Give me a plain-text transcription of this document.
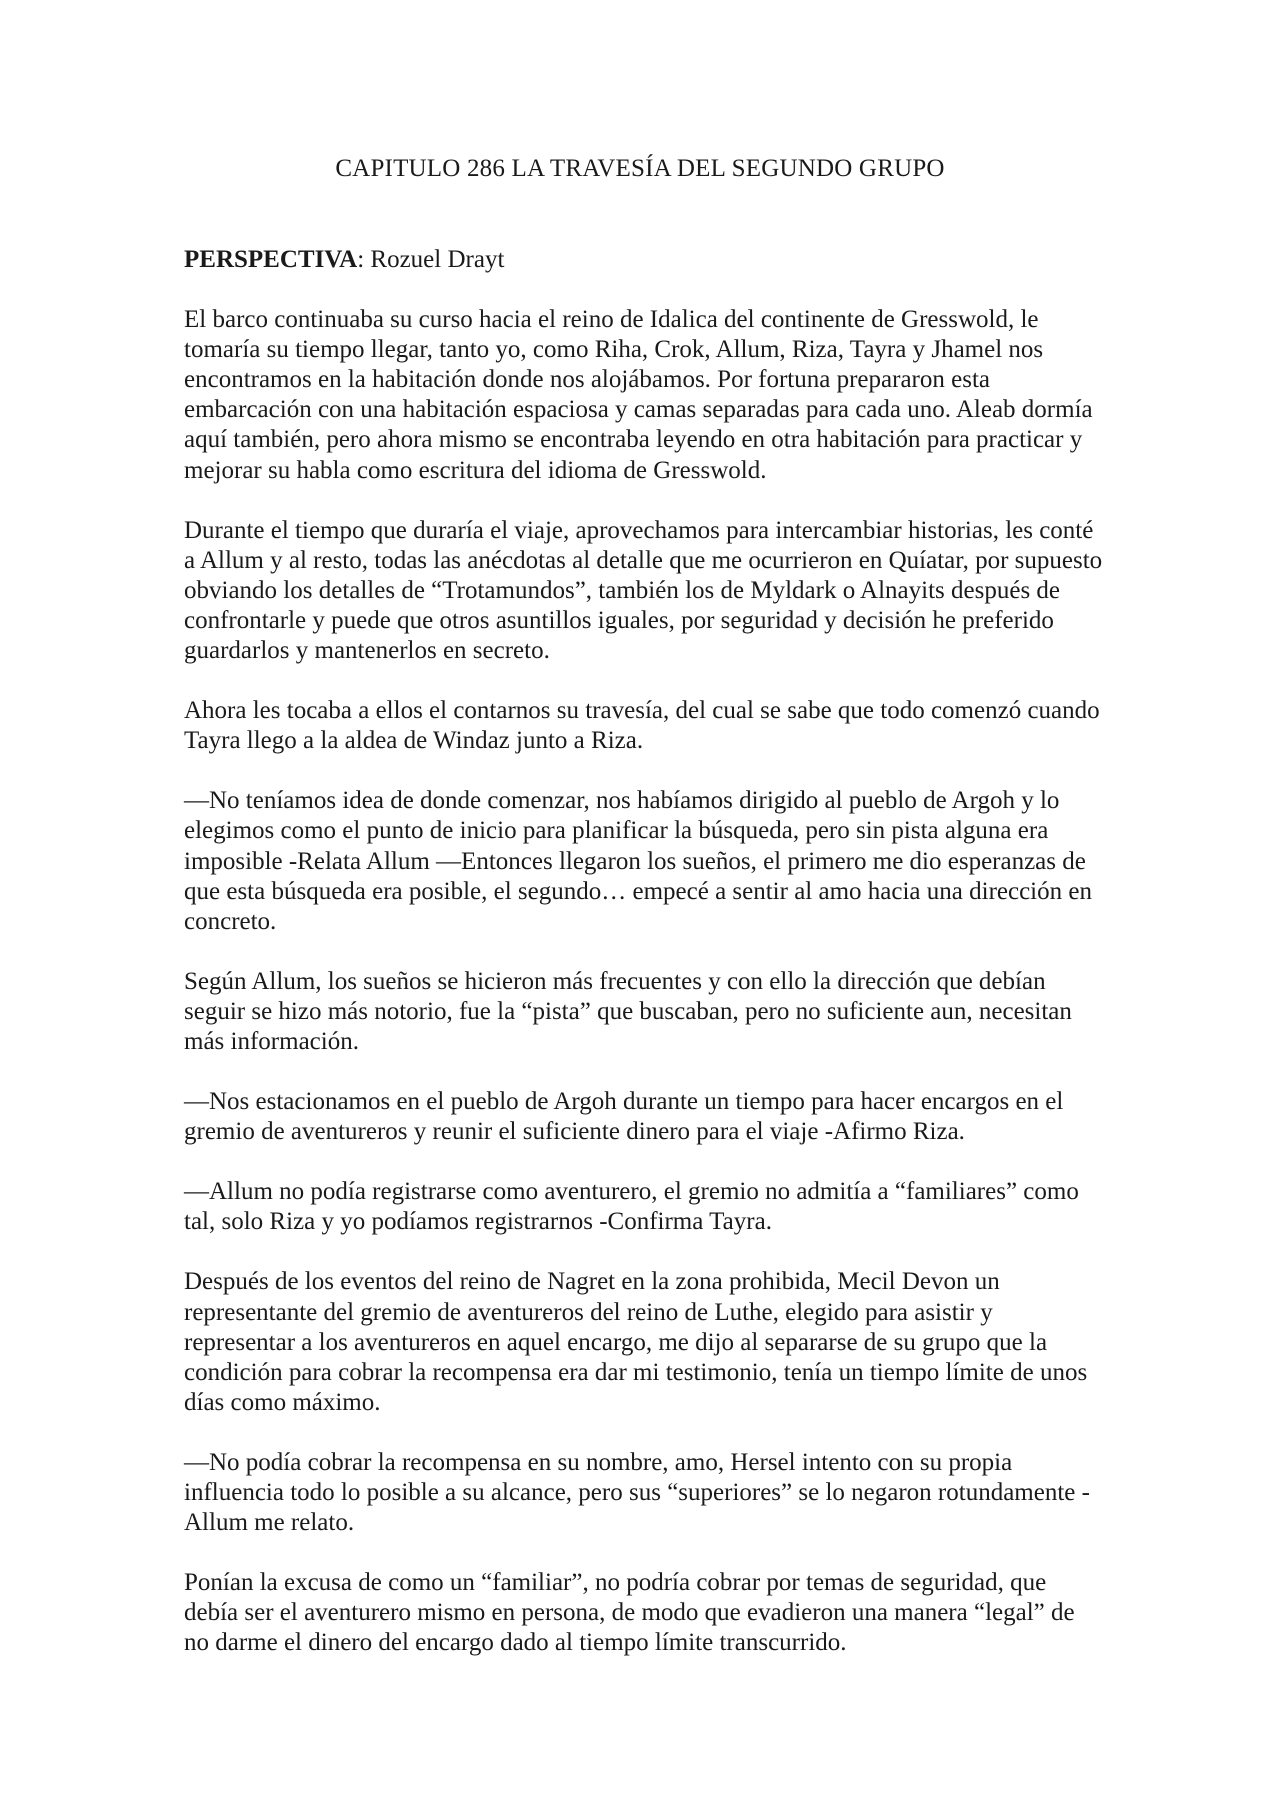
CAPITULO 286 LA TRAVESÍA DEL SEGUNDO GRUPO

PERSPECTIVA: Rozuel Drayt

El barco continuaba su curso hacia el reino de Idalica del continente de Gresswold, le tomaría su tiempo llegar, tanto yo, como Riha, Crok, Allum, Riza, Tayra y Jhamel nos encontramos en la habitación donde nos alojábamos. Por fortuna prepararon esta embarcación con una habitación espaciosa y camas separadas para cada uno. Aleab dormía aquí también, pero ahora mismo se encontraba leyendo en otra habitación para practicar y mejorar su habla como escritura del idioma de Gresswold.

Durante el tiempo que duraría el viaje, aprovechamos para intercambiar historias, les conté a Allum y al resto, todas las anécdotas al detalle que me ocurrieron en Quíatar, por supuesto obviando los detalles de “Trotamundos”, también los de Myldark o Alnayits después de confrontarle y puede que otros asuntillos iguales, por seguridad y decisión he preferido guardarlos y mantenerlos en secreto.

Ahora les tocaba a ellos el contarnos su travesía, del cual se sabe que todo comenzó cuando Tayra llego a la aldea de Windaz junto a Riza.

—No teníamos idea de donde comenzar, nos habíamos dirigido al pueblo de Argoh y lo elegimos como el punto de inicio para planificar la búsqueda, pero sin pista alguna era imposible -Relata Allum —Entonces llegaron los sueños, el primero me dio esperanzas de que esta búsqueda era posible, el segundo… empecé a sentir al amo hacia una dirección en concreto.

Según Allum, los sueños se hicieron más frecuentes y con ello la dirección que debían seguir se hizo más notorio, fue la “pista” que buscaban, pero no suficiente aun, necesitan más información.

—Nos estacionamos en el pueblo de Argoh durante un tiempo para hacer encargos en el gremio de aventureros y reunir el suficiente dinero para el viaje -Afirmo Riza.

—Allum no podía registrarse como aventurero, el gremio no admitía a “familiares” como tal, solo Riza y yo podíamos registrarnos -Confirma Tayra.

Después de los eventos del reino de Nagret en la zona prohibida, Mecil Devon un representante del gremio de aventureros del reino de Luthe, elegido para asistir y representar a los aventureros en aquel encargo, me dijo al separarse de su grupo que la condición para cobrar la recompensa era dar mi testimonio, tenía un tiempo límite de unos días como máximo.

—No podía cobrar la recompensa en su nombre, amo, Hersel intento con su propia influencia todo lo posible a su alcance, pero sus “superiores” se lo negaron rotundamente -Allum me relato.

Ponían la excusa de como un “familiar”, no podría cobrar por temas de seguridad, que debía ser el aventurero mismo en persona, de modo que evadieron una manera “legal” de no darme el dinero del encargo dado al tiempo límite transcurrido.
